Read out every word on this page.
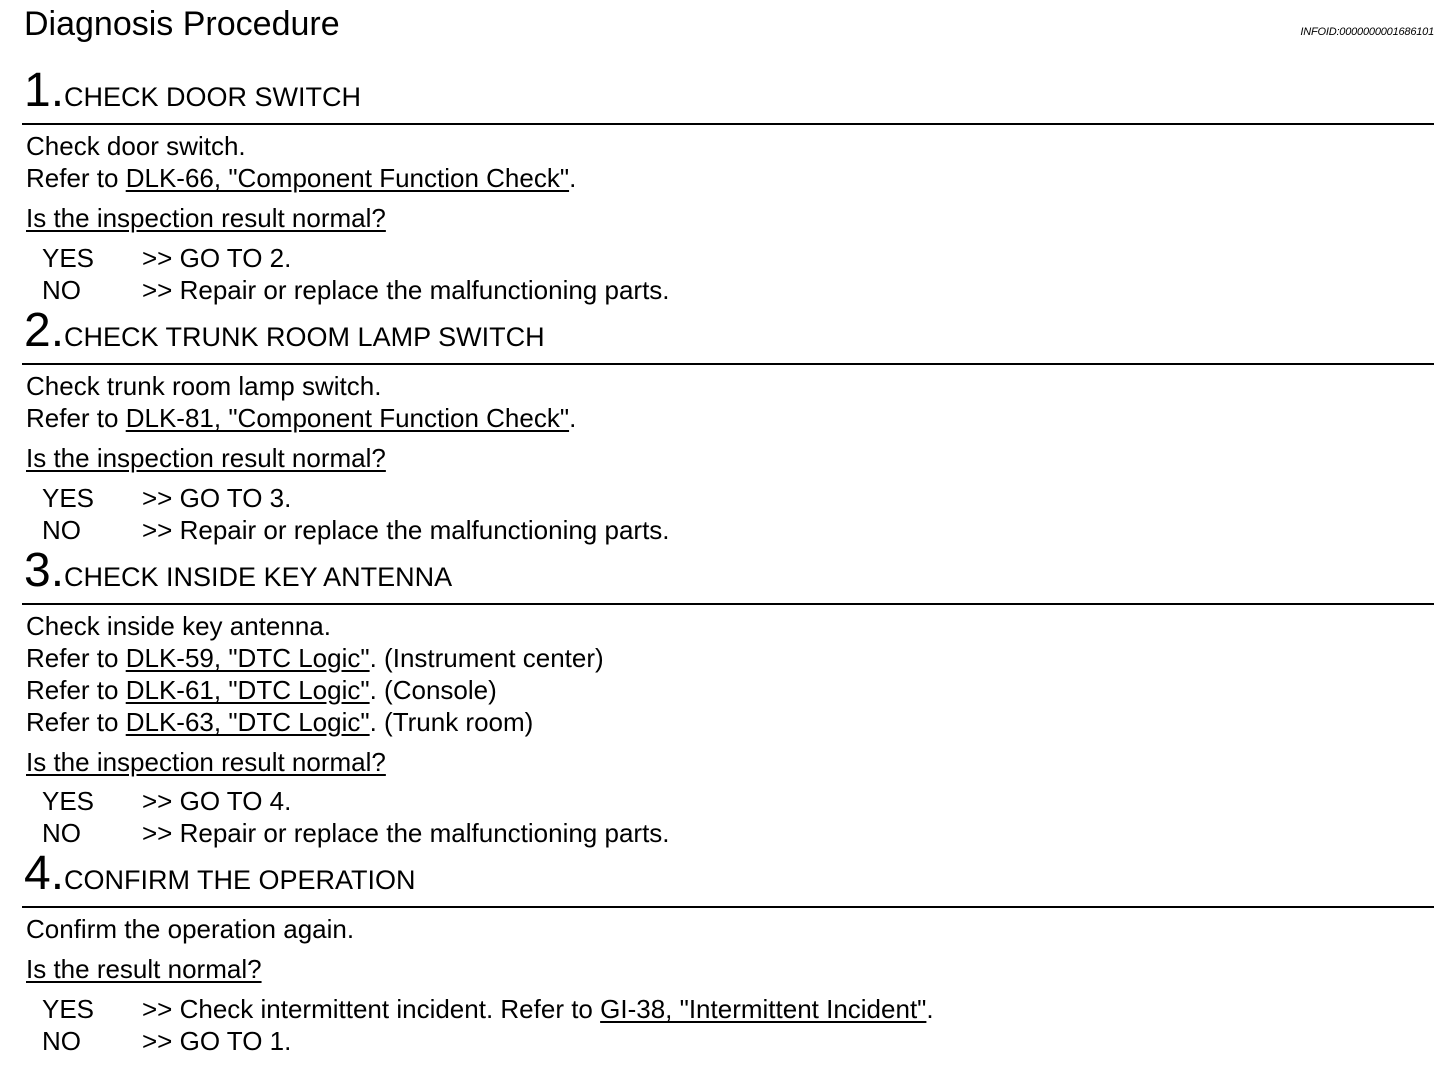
Diagnosis Procedure	INFOID:0000000001686101
1.CHECK DOOR SWITCH
Check door switch.
Refer to DLK-66, "Component Function Check".
Is the inspection result normal?
YES >> GO TO 2.
NO >> Repair or replace the malfunctioning parts.
2.CHECK TRUNK ROOM LAMP SWITCH
Check trunk room lamp switch.
Refer to DLK-81, "Component Function Check".
Is the inspection result normal?
YES >> GO TO 3.
NO >> Repair or replace the malfunctioning parts.
3.CHECK INSIDE KEY ANTENNA
Check inside key antenna.
Refer to DLK-59, "DTC Logic". (Instrument center)
Refer to DLK-61, "DTC Logic". (Console)
Refer to DLK-63, "DTC Logic". (Trunk room)
Is the inspection result normal?
YES >> GO TO 4.
NO >> Repair or replace the malfunctioning parts.
4.CONFIRM THE OPERATION
Confirm the operation again.
Is the result normal?
YES >> Check intermittent incident. Refer to GI-38, "Intermittent Incident".
NO >> GO TO 1.
